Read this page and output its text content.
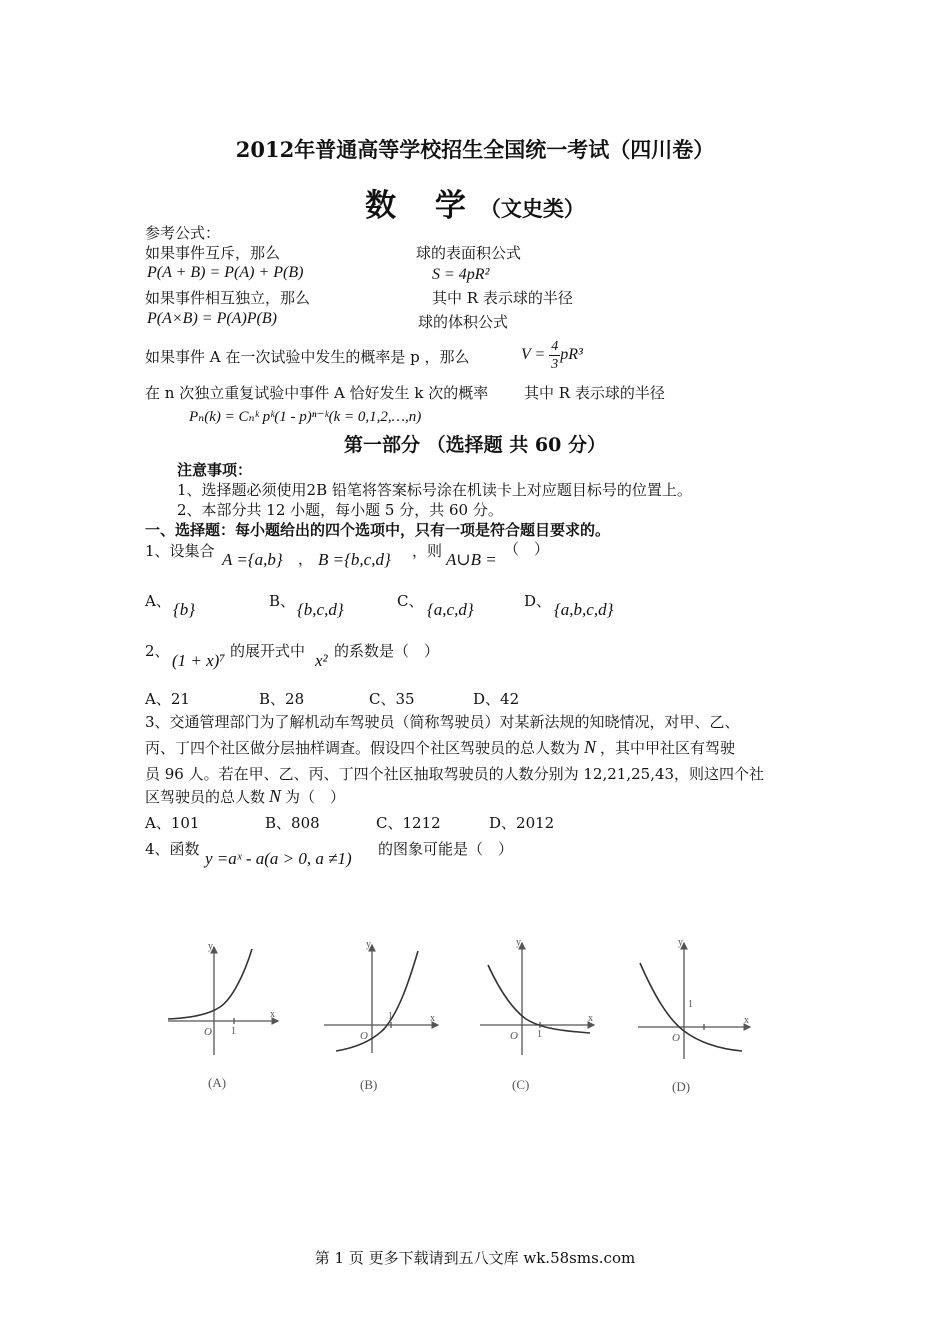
2012年普通高等学校招生全国统一考试（四川卷）
数 学（文史类）
参考公式：
如果事件互斥，那么	球的表面积公式
P(A + B) = P(A) + P(B)	S = 4pR²
如果事件相互独立，那么	其中 R 表示球的半径
P(A×B) = P(A)P(B)	球的体积公式
如果事件 A 在一次试验中发生的概率是 p ，那么	$V = \frac{4}{3} pR^3$
在 n 次独立重复试验中事件 A 恰好发生 k 次的概率 其中 R 表示球的半径
Pₙ(k) = Cₙᵏ pᵏ(1 - p)ⁿ⁻ᵏ(k = 0,1,2,…,n)
第一部分 （选择题 共 60 分）
注意事项：
1、选择题必须使用2B 铅笔将答案标号涂在机读卡上对应题目标号的位置上。
2、本部分共 12 小题，每小题 5 分，共 60 分。
一、选择题：每小题给出的四个选项中，只有一项是符合题目要求的。
1、设集合 A ={a,b} ， B ={b,c,d} ，则 A∪B =
（　）
A、 {b}	B、 {b,c,d}	C、 {a,c,d}	D、 {a,b,c,d}
2、 (1 + x)⁷ 的展开式中 x² 的系数是（　）
A、21	B、28	C、35	D、42
3、交通管理部门为了解机动车驾驶员（简称驾驶员）对某新法规的知晓情况，对甲、乙、
丙、丁四个社区做分层抽样调查。假设四个社区驾驶员的总人数为 N ，其中甲社区有驾驶
员 96 人。若在甲、乙、丙、丁四个社区抽取驾驶员的人数分别为 12,21,25,43，则这四个社
区驾驶员的总人数 N 为（　）
A、101	B、808	C、1212	D、2012
4、函数 y =aˣ - a(a > 0, a ≠1) 的图象可能是（　）
y
x
O 1
(A)
y
x
O
1
(B)
y
x
O 1
(C)
y
x
O
1
(D)
第 1 页 更多下载请到五八文库 wk.58sms.com
